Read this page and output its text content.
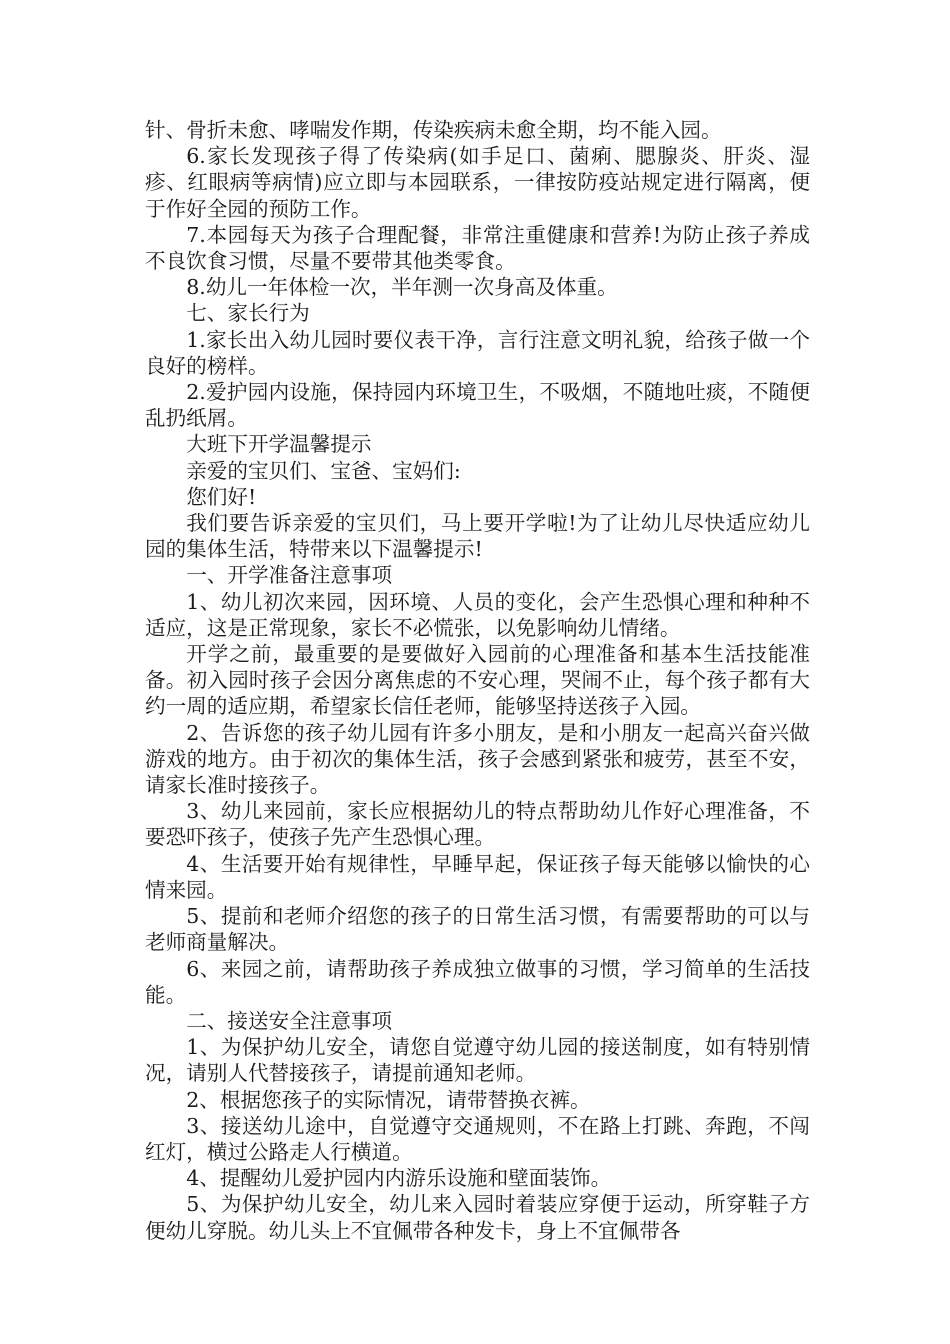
针、骨折未愈、哮喘发作期，传染疾病未愈全期，均不能入园。

6.家长发现孩子得了传染病(如手足口、菌痢、腮腺炎、肝炎、湿疹、红眼病等病情)应立即与本园联系，一律按防疫站规定进行隔离，便于作好全园的预防工作。

7.本园每天为孩子合理配餐，非常注重健康和营养!为防止孩子养成不良饮食习惯，尽量不要带其他类零食。

8.幼儿一年体检一次，半年测一次身高及体重。

七、家长行为

1.家长出入幼儿园时要仪表干净，言行注意文明礼貌，给孩子做一个良好的榜样。

2.爱护园内设施，保持园内环境卫生，不吸烟，不随地吐痰，不随便乱扔纸屑。

大班下开学温馨提示

亲爱的宝贝们、宝爸、宝妈们:

您们好!

我们要告诉亲爱的宝贝们，马上要开学啦!为了让幼儿尽快适应幼儿园的集体生活，特带来以下温馨提示!

一、开学准备注意事项

1、幼儿初次来园，因环境、人员的变化，会产生恐惧心理和种种不适应，这是正常现象，家长不必慌张，以免影响幼儿情绪。

开学之前，最重要的是要做好入园前的心理准备和基本生活技能准备。初入园时孩子会因分离焦虑的不安心理，哭闹不止，每个孩子都有大约一周的适应期，希望家长信任老师，能够坚持送孩子入园。

2、告诉您的孩子幼儿园有许多小朋友，是和小朋友一起高兴奋兴做游戏的地方。由于初次的集体生活，孩子会感到紧张和疲劳，甚至不安，请家长准时接孩子。

3、幼儿来园前，家长应根据幼儿的特点帮助幼儿作好心理准备，不要恐吓孩子，使孩子先产生恐惧心理。

4、生活要开始有规律性，早睡早起，保证孩子每天能够以愉快的心情来园。

5、提前和老师介绍您的孩子的日常生活习惯，有需要帮助的可以与老师商量解决。

6、来园之前，请帮助孩子养成独立做事的习惯，学习简单的生活技能。

二、接送安全注意事项

1、为保护幼儿安全，请您自觉遵守幼儿园的接送制度，如有特别情况，请别人代替接孩子，请提前通知老师。

2、根据您孩子的实际情况，请带替换衣裤。

3、接送幼儿途中，自觉遵守交通规则，不在路上打跳、奔跑，不闯红灯，横过公路走人行横道。

4、提醒幼儿爱护园内内游乐设施和壁面装饰。

5、为保护幼儿安全，幼儿来入园时着装应穿便于运动，所穿鞋子方便幼儿穿脱。幼儿头上不宜佩带各种发卡，身上不宜佩带各
